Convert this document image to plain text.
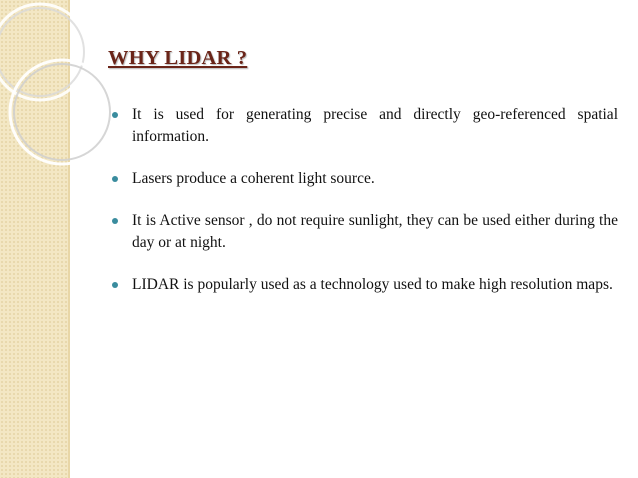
WHY LIDAR ?
It is used for generating precise and directly geo-referenced spatial information.
Lasers produce a coherent light source.
It is Active sensor , do not require sunlight, they can be used either during the day or at night.
LIDAR is popularly used as a technology used to make high resolution maps.
